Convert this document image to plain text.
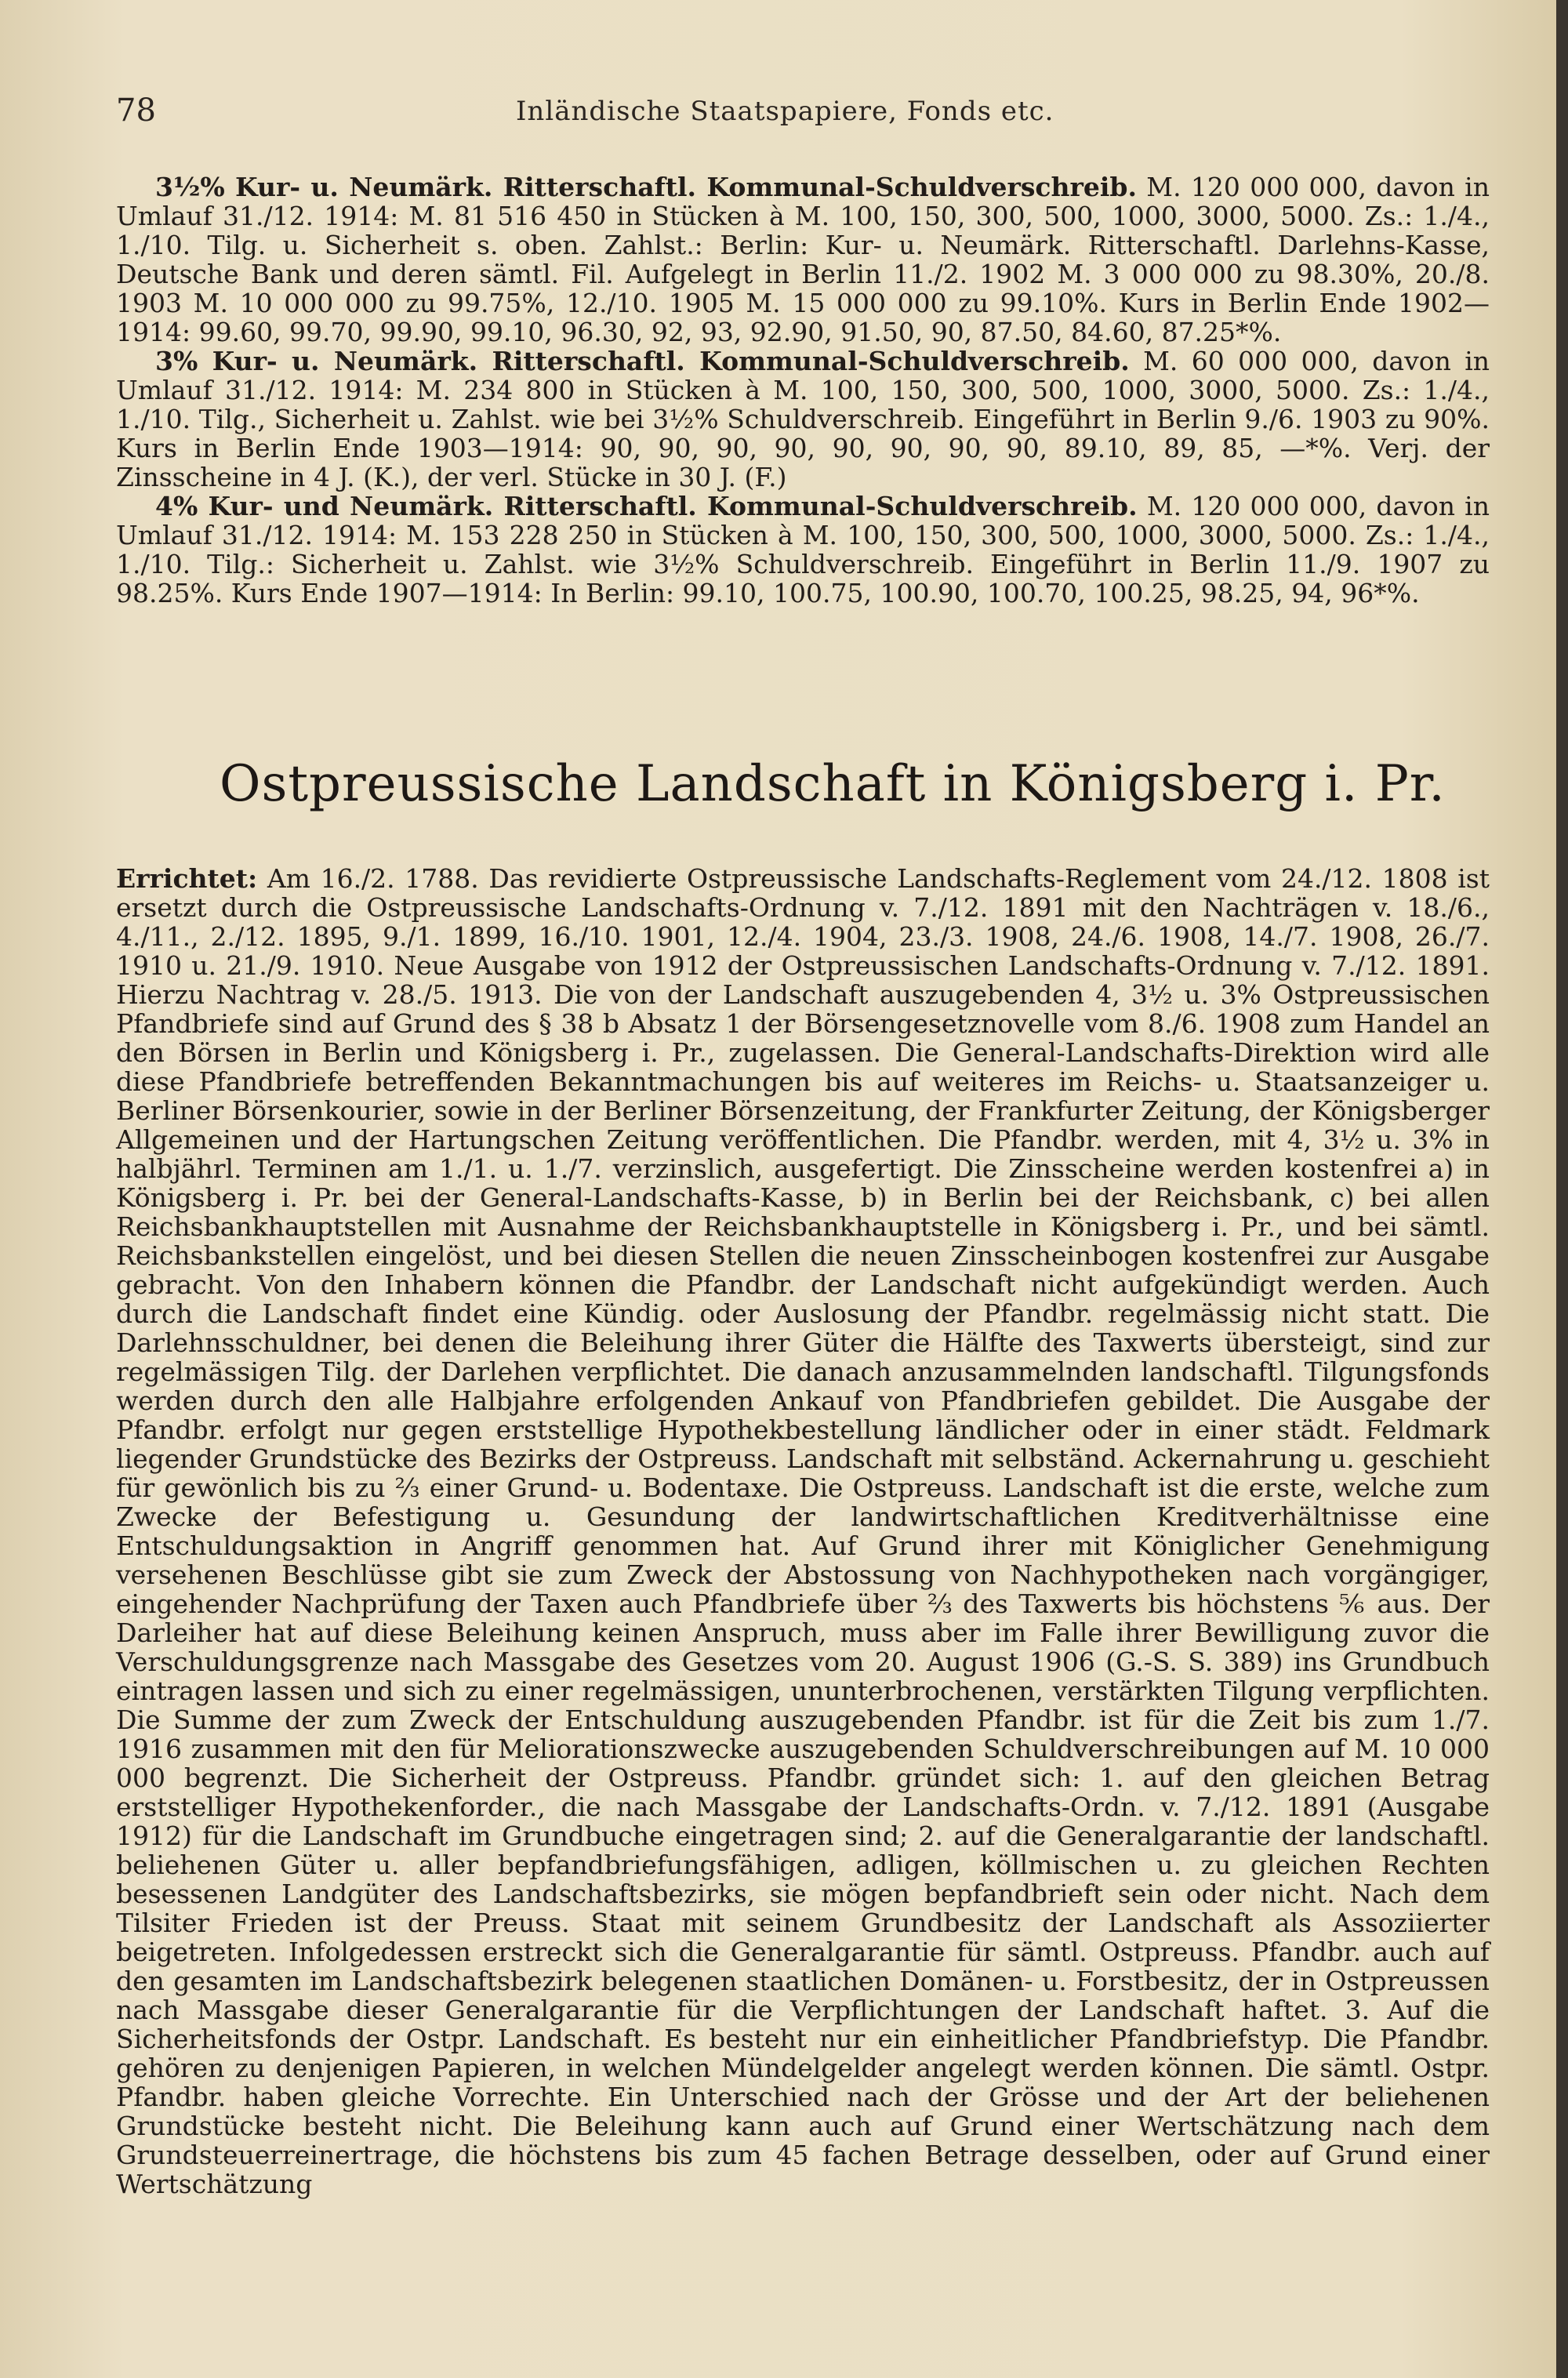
78	Inländische Staatspapiere, Fonds etc.

3½% Kur- u. Neumärk. Ritterschaftl. Kommunal-Schuldverschreib. M. 120 000 000, davon in Umlauf 31./12. 1914: M. 81 516 450 in Stücken à M. 100, 150, 300, 500, 1000, 3000, 5000. Zs.: 1./4., 1./10. Tilg. u. Sicherheit s. oben. Zahlst.: Berlin: Kur- u. Neumärk. Ritterschaftl. Darlehns-Kasse, Deutsche Bank und deren sämtl. Fil. Aufgelegt in Berlin 11./2. 1902 M. 3 000 000 zu 98.30%, 20./8. 1903 M. 10 000 000 zu 99.75%, 12./10. 1905 M. 15 000 000 zu 99.10%. Kurs in Berlin Ende 1902—1914: 99.60, 99.70, 99.90, 99.10, 96.30, 92, 93, 92.90, 91.50, 90, 87.50, 84.60, 87.25*%.

3% Kur- u. Neumärk. Ritterschaftl. Kommunal-Schuldverschreib. M. 60 000 000, davon in Umlauf 31./12. 1914: M. 234 800 in Stücken à M. 100, 150, 300, 500, 1000, 3000, 5000. Zs.: 1./4., 1./10. Tilg., Sicherheit u. Zahlst. wie bei 3½% Schuldverschreib. Eingeführt in Berlin 9./6. 1903 zu 90%. Kurs in Berlin Ende 1903—1914: 90, 90, 90, 90, 90, 90, 90, 90, 89.10, 89, 85, —*%. Verj. der Zinsscheine in 4 J. (K.), der verl. Stücke in 30 J. (F.)

4% Kur- und Neumärk. Ritterschaftl. Kommunal-Schuldverschreib. M. 120 000 000, davon in Umlauf 31./12. 1914: M. 153 228 250 in Stücken à M. 100, 150, 300, 500, 1000, 3000, 5000. Zs.: 1./4., 1./10. Tilg.: Sicherheit u. Zahlst. wie 3½% Schuldverschreib. Eingeführt in Berlin 11./9. 1907 zu 98.25%. Kurs Ende 1907—1914: In Berlin: 99.10, 100.75, 100.90, 100.70, 100.25, 98.25, 94, 96*%.

Ostpreussische Landschaft in Königsberg i. Pr.

Errichtet: Am 16./2. 1788. Das revidierte Ostpreussische Landschafts-Reglement vom 24./12. 1808 ist ersetzt durch die Ostpreussische Landschafts-Ordnung v. 7./12. 1891 mit den Nachträgen v. 18./6., 4./11., 2./12. 1895, 9./1. 1899, 16./10. 1901, 12./4. 1904, 23./3. 1908, 24./6. 1908, 14./7. 1908, 26./7. 1910 u. 21./9. 1910. Neue Ausgabe von 1912 der Ostpreussischen Landschafts-Ordnung v. 7./12. 1891. Hierzu Nachtrag v. 28./5. 1913. Die von der Landschaft auszugebenden 4, 3½ u. 3% Ostpreussischen Pfandbriefe sind auf Grund des § 38 b Absatz 1 der Börsengesetznovelle vom 8./6. 1908 zum Handel an den Börsen in Berlin und Königsberg i. Pr., zugelassen. Die General-Landschafts-Direktion wird alle diese Pfandbriefe betreffenden Bekanntmachungen bis auf weiteres im Reichs- u. Staatsanzeiger u. Berliner Börsenkourier, sowie in der Berliner Börsenzeitung, der Frankfurter Zeitung, der Königsberger Allgemeinen und der Hartungschen Zeitung veröffentlichen. Die Pfandbr. werden, mit 4, 3½ u. 3% in halbjährl. Terminen am 1./1. u. 1./7. verzinslich, ausgefertigt. Die Zinsscheine werden kostenfrei a) in Königsberg i. Pr. bei der General-Landschafts-Kasse, b) in Berlin bei der Reichsbank, c) bei allen Reichsbankhauptstellen mit Ausnahme der Reichsbankhauptstelle in Königsberg i. Pr., und bei sämtl. Reichsbankstellen eingelöst, und bei diesen Stellen die neuen Zinsscheinbogen kostenfrei zur Ausgabe gebracht. Von den Inhabern können die Pfandbr. der Landschaft nicht aufgekündigt werden. Auch durch die Landschaft findet eine Kündig. oder Auslosung der Pfandbr. regelmässig nicht statt. Die Darlehnsschuldner, bei denen die Beleihung ihrer Güter die Hälfte des Taxwerts übersteigt, sind zur regelmässigen Tilg. der Darlehen verpflichtet. Die danach anzusammelnden landschaftl. Tilgungsfonds werden durch den alle Halbjahre erfolgenden Ankauf von Pfandbriefen gebildet. Die Ausgabe der Pfandbr. erfolgt nur gegen erststellige Hypothekbestellung ländlicher oder in einer städt. Feldmark liegender Grundstücke des Bezirks der Ostpreuss. Landschaft mit selbständ. Ackernahrung u. geschieht für gewönlich bis zu ⅔ einer Grund- u. Bodentaxe. Die Ostpreuss. Landschaft ist die erste, welche zum Zwecke der Befestigung u. Gesundung der landwirtschaftlichen Kreditverhältnisse eine Entschuldungsaktion in Angriff genommen hat. Auf Grund ihrer mit Königlicher Genehmigung versehenen Beschlüsse gibt sie zum Zweck der Abstossung von Nachhypotheken nach vorgängiger, eingehender Nachprüfung der Taxen auch Pfandbriefe über ⅔ des Taxwerts bis höchstens ⅚ aus. Der Darleiher hat auf diese Beleihung keinen Anspruch, muss aber im Falle ihrer Bewilligung zuvor die Verschuldungsgrenze nach Massgabe des Gesetzes vom 20. August 1906 (G.-S. S. 389) ins Grundbuch eintragen lassen und sich zu einer regelmässigen, ununterbrochenen, verstärkten Tilgung verpflichten. Die Summe der zum Zweck der Entschuldung auszugebenden Pfandbr. ist für die Zeit bis zum 1./7. 1916 zusammen mit den für Meliorationszwecke auszugebenden Schuldverschreibungen auf M. 10 000 000 begrenzt. Die Sicherheit der Ostpreuss. Pfandbr. gründet sich: 1. auf den gleichen Betrag erststelliger Hypothekenforder., die nach Massgabe der Landschafts-Ordn. v. 7./12. 1891 (Ausgabe 1912) für die Landschaft im Grundbuche eingetragen sind; 2. auf die Generalgarantie der landschaftl. beliehenen Güter u. aller bepfandbriefungsfähigen, adligen, köllmischen u. zu gleichen Rechten besessenen Landgüter des Landschaftsbezirks, sie mögen bepfandbrieft sein oder nicht. Nach dem Tilsiter Frieden ist der Preuss. Staat mit seinem Grundbesitz der Landschaft als Assoziierter beigetreten. Infolgedessen erstreckt sich die Generalgarantie für sämtl. Ostpreuss. Pfandbr. auch auf den gesamten im Landschaftsbezirk belegenen staatlichen Domänen- u. Forstbesitz, der in Ostpreussen nach Massgabe dieser Generalgarantie für die Verpflichtungen der Landschaft haftet. 3. Auf die Sicherheitsfonds der Ostpr. Landschaft. Es besteht nur ein einheitlicher Pfandbriefstyp. Die Pfandbr. gehören zu denjenigen Papieren, in welchen Mündelgelder angelegt werden können. Die sämtl. Ostpr. Pfandbr. haben gleiche Vorrechte. Ein Unterschied nach der Grösse und der Art der beliehenen Grundstücke besteht nicht. Die Beleihung kann auch auf Grund einer Wertschätzung nach dem Grundsteuerreinertrage, die höchstens bis zum 45 fachen Betrage desselben, oder auf Grund einer Wertschätzung
